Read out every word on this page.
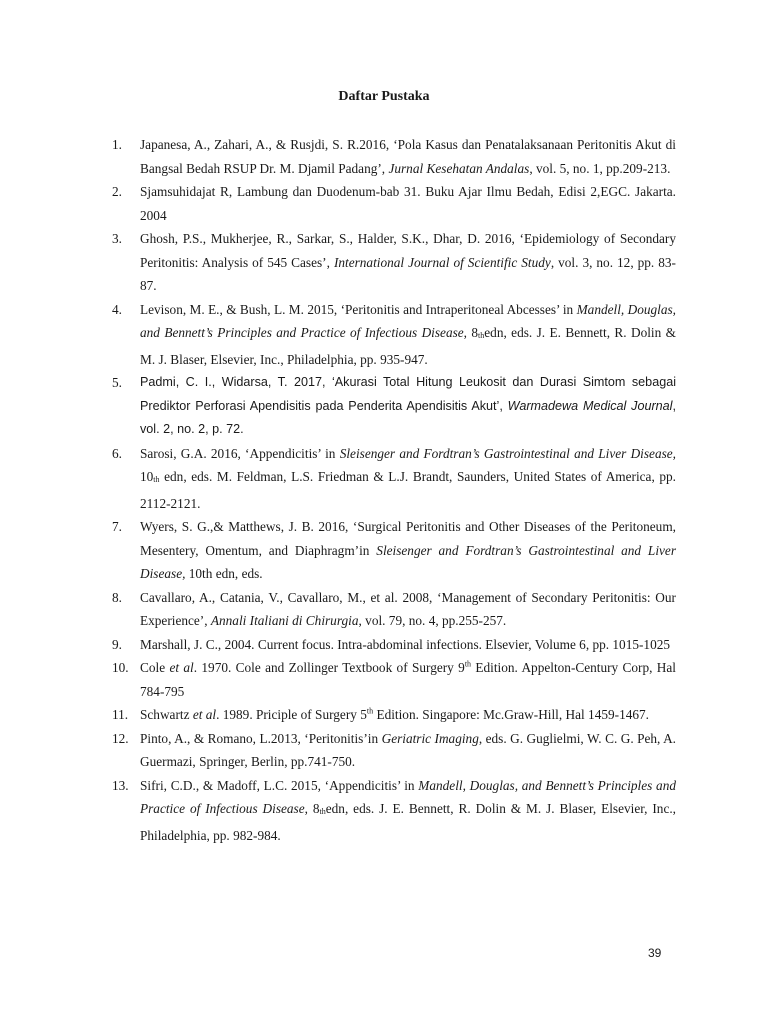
Daftar Pustaka
1.	Japanesa, A., Zahari, A., & Rusjdi, S. R.2016, ‘Pola Kasus dan Penatalaksanaan Peritonitis Akut di Bangsal Bedah RSUP Dr. M. Djamil Padang’, Jurnal Kesehatan Andalas, vol. 5, no. 1, pp.209-213.
2.	Sjamsuhidajat R, Lambung dan Duodenum-bab 31. Buku Ajar Ilmu Bedah, Edisi 2,EGC. Jakarta. 2004
3.	Ghosh, P.S., Mukherjee, R., Sarkar, S., Halder, S.K., Dhar, D. 2016, ‘Epidemiology of Secondary Peritonitis: Analysis of 545 Cases’, International Journal of Scientific Study, vol. 3, no. 12, pp. 83-87.
4.	Levison, M. E., & Bush, L. M. 2015, ‘Peritonitis and Intraperitoneal Abcesses’ in Mandell, Douglas, and Bennett’s Principles and Practice of Infectious Disease, 8thedn, eds. J. E. Bennett, R. Dolin & M. J. Blaser, Elsevier, Inc., Philadelphia, pp. 935-947.
5.	Padmi, C. I., Widarsa, T. 2017, ‘Akurasi Total Hitung Leukosit dan Durasi Simtom sebagai Prediktor Perforasi Apendisitis pada Penderita Apendisitis Akut’, Warmadewa Medical Journal, vol. 2, no. 2, p. 72.
6.	Sarosi, G.A. 2016, ‘Appendicitis’ in Sleisenger and Fordtran’s Gastrointestinal and Liver Disease, 10th edn, eds. M. Feldman, L.S. Friedman & L.J. Brandt, Saunders, United States of America, pp. 2112-2121.
7.	Wyers, S. G.,& Matthews, J. B. 2016, ‘Surgical Peritonitis and Other Diseases of the Peritoneum, Mesentery, Omentum, and Diaphragm’in Sleisenger and Fordtran’s Gastrointestinal and Liver Disease, 10th edn, eds.
8.	Cavallaro, A., Catania, V., Cavallaro, M., et al. 2008, ‘Management of Secondary Peritonitis: Our Experience’, Annali Italiani di Chirurgia, vol. 79, no. 4, pp.255-257.
9.	Marshall, J. C., 2004. Current focus. Intra-abdominal infections. Elsevier, Volume 6, pp. 1015-1025
10. Cole et al. 1970. Cole and Zollinger Textbook of Surgery 9th Edition. Appelton-Century Corp, Hal 784-795
11. Schwartz et al. 1989. Priciple of Surgery 5th Edition. Singapore: Mc.Graw-Hill, Hal 1459-1467.
12. Pinto, A., & Romano, L.2013, ‘Peritonitis’in Geriatric Imaging, eds. G. Guglielmi, W. C. G. Peh, A. Guermazi, Springer, Berlin, pp.741-750.
13. Sifri, C.D., & Madoff, L.C. 2015, ‘Appendicitis’ in Mandell, Douglas, and Bennett’s Principles and Practice of Infectious Disease, 8thedn, eds. J. E. Bennett, R. Dolin & M. J. Blaser, Elsevier, Inc., Philadelphia, pp. 982-984.
39
